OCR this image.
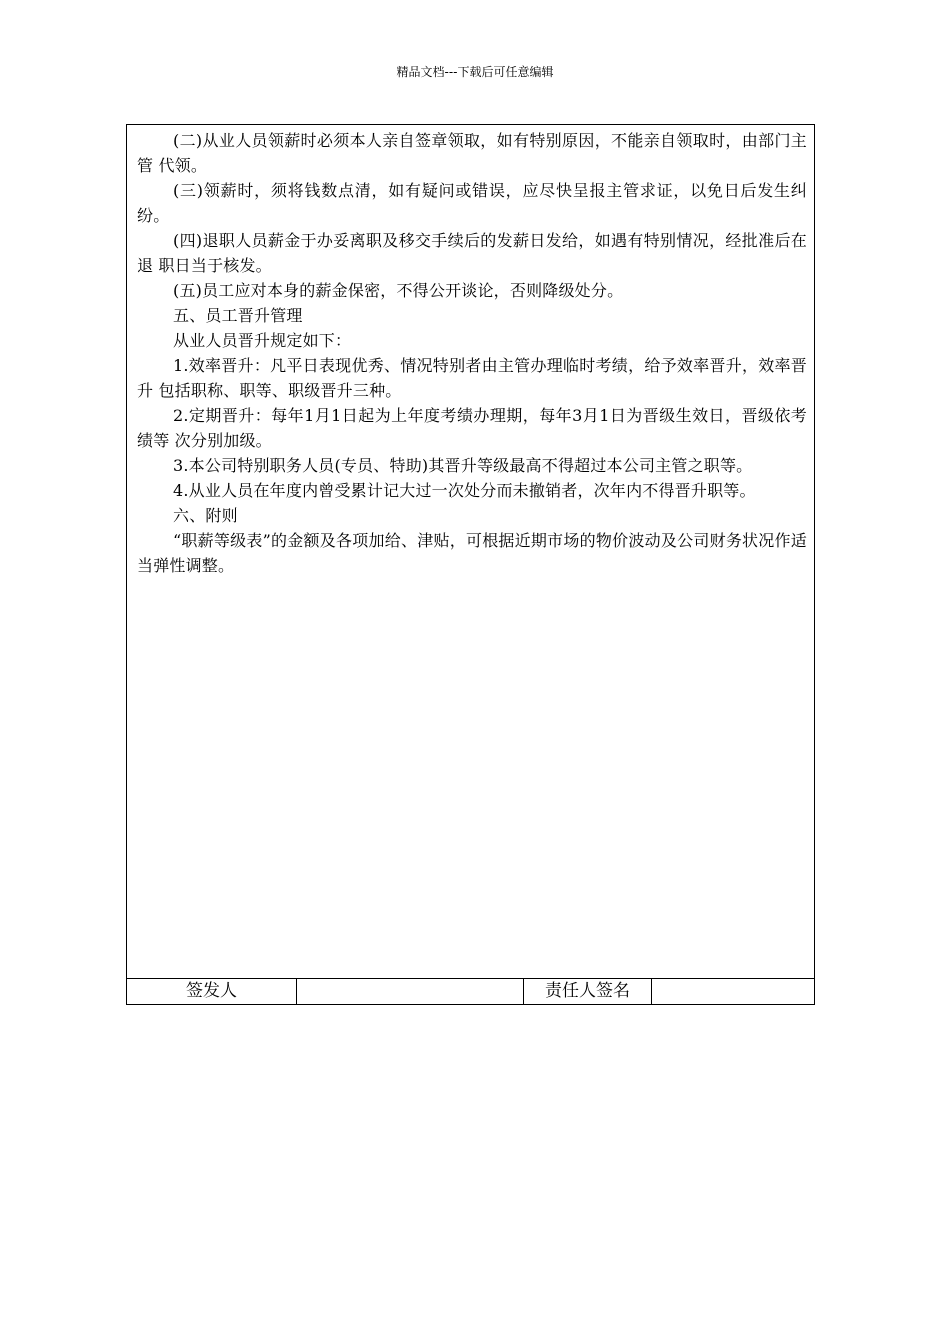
精品文档---下载后可任意编辑

(二)从业人员领薪时必须本人亲自签章领取，如有特别原因，不能亲自领取时，由部门主管 代领。

(三)领薪时，须将钱数点清，如有疑问或错误，应尽快呈报主管求证，以免日后发生纠纷。

(四)退职人员薪金于办妥离职及移交手续后的发薪日发给，如遇有特别情况，经批准后在退 职日当于核发。

(五)员工应对本身的薪金保密，不得公开谈论，否则降级处分。

五、员工晋升管理

从业人员晋升规定如下：

1.效率晋升：凡平日表现优秀、情况特别者由主管办理临时考绩，给予效率晋升，效率晋升 包括职称、职等、职级晋升三种。

2.定期晋升：每年1月1日起为上年度考绩办理期，每年3月1日为晋级生效日，晋级依考绩等 次分别加级。

3.本公司特别职务人员(专员、特助)其晋升等级最高不得超过本公司主管之职等。

4.从业人员在年度内曾受累计记大过一次处分而未撤销者，次年内不得晋升职等。

六、附则

“职薪等级表”的金额及各项加给、津贴，可根据近期市场的物价波动及公司财务状况作适 当弹性调整。

签发人	责任人签名
